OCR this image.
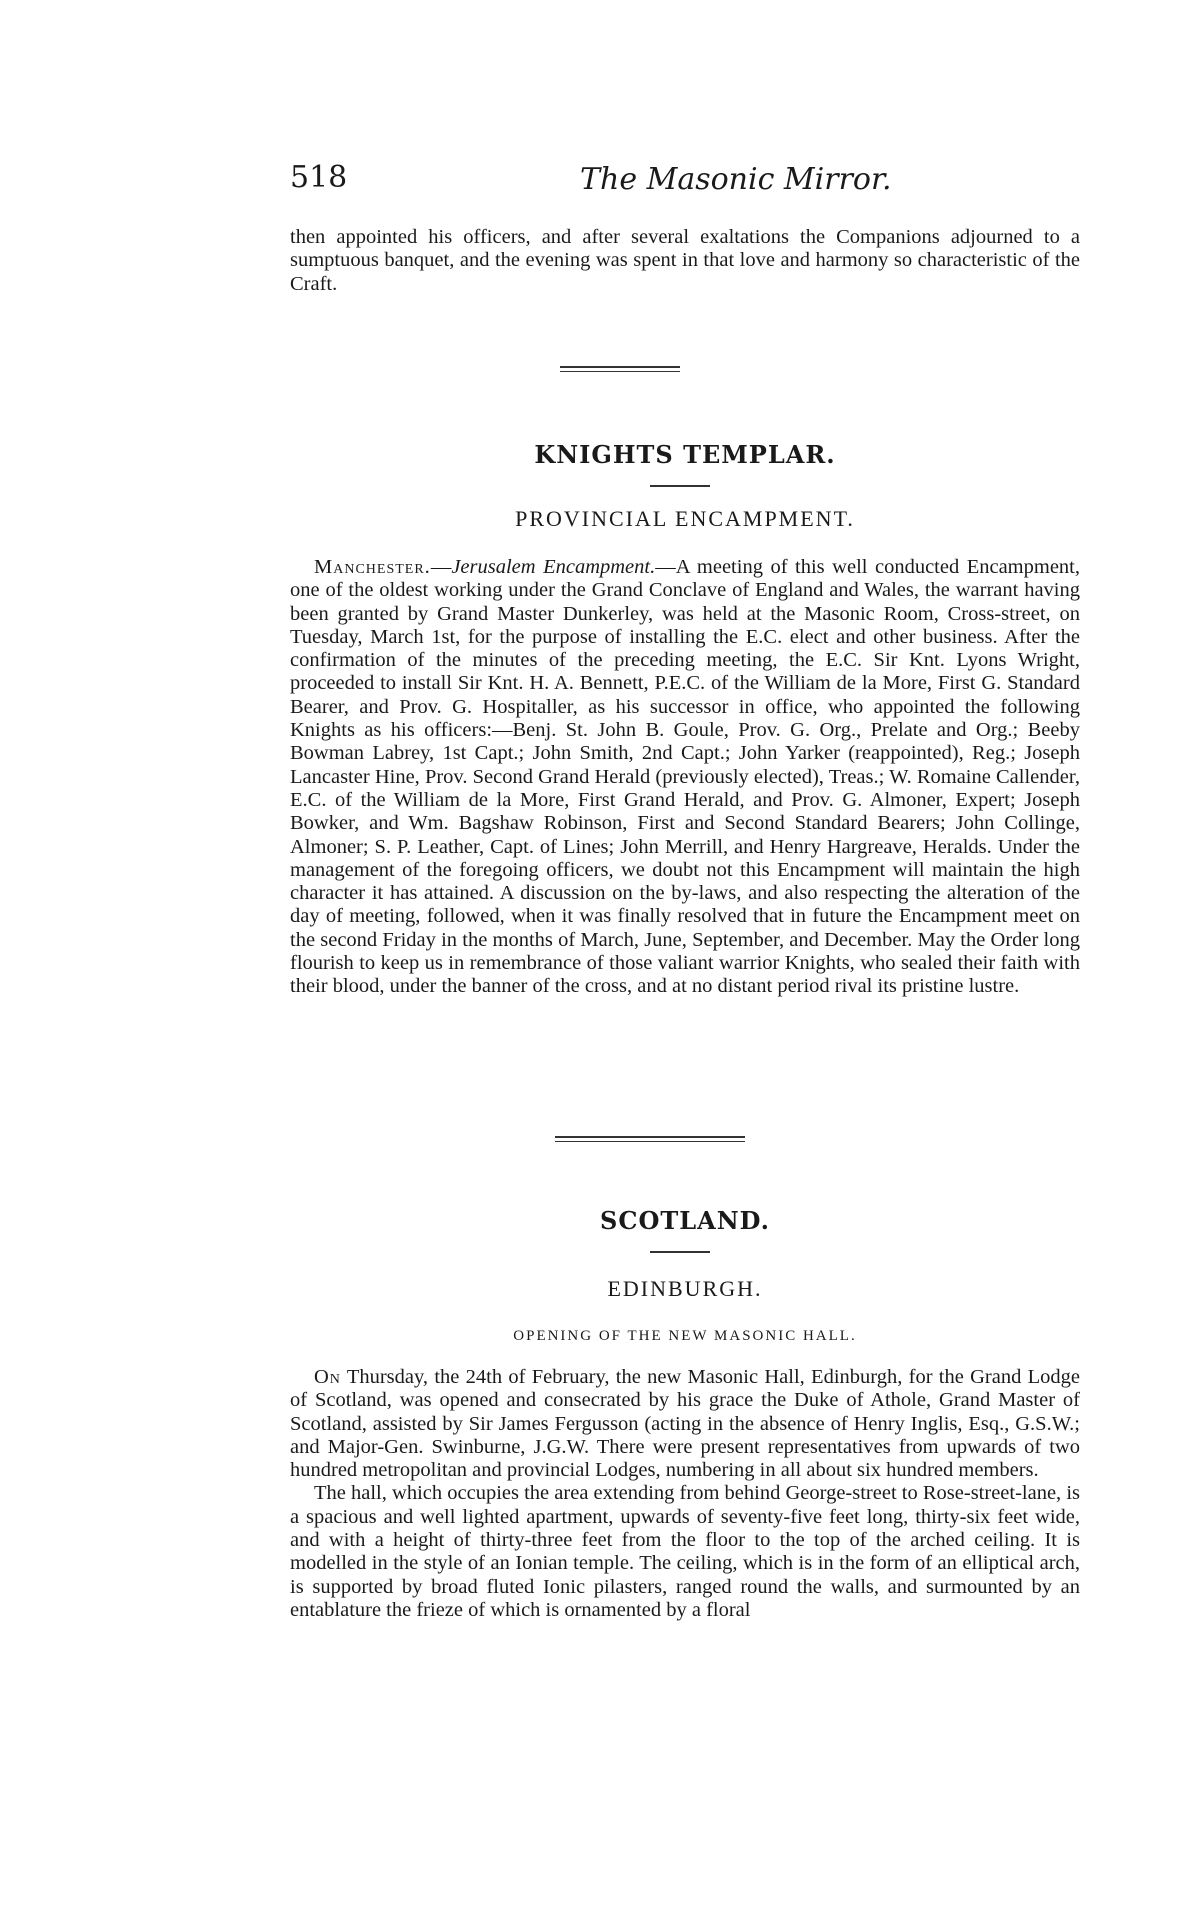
518	The Masonic Mirror.

then appointed his officers, and after several exaltations the Companions adjourned to a sumptuous banquet, and the evening was spent in that love and harmony so characteristic of the Craft.

KNIGHTS TEMPLAR.
PROVINCIAL ENCAMPMENT.

Manchester.—Jerusalem Encampment.—A meeting of this well conducted Encampment, one of the oldest working under the Grand Conclave of England and Wales, the warrant having been granted by Grand Master Dunkerley, was held at the Masonic Room, Cross-street, on Tuesday, March 1st, for the purpose of installing the E.C. elect and other business. After the confirmation of the minutes of the preceding meeting, the E.C. Sir Knt. Lyons Wright, proceeded to install Sir Knt. H. A. Bennett, P.E.C. of the William de la More, First G. Standard Bearer, and Prov. G. Hospitaller, as his successor in office, who appointed the following Knights as his officers:—Benj. St. John B. Goule, Prov. G. Org., Prelate and Org.; Beeby Bowman Labrey, 1st Capt.; John Smith, 2nd Capt.; John Yarker (reappointed), Reg.; Joseph Lancaster Hine, Prov. Second Grand Herald (previously elected), Treas.; W. Romaine Callender, E.C. of the William de la More, First Grand Herald, and Prov. G. Almoner, Expert; Joseph Bowker, and Wm. Bagshaw Robinson, First and Second Standard Bearers; John Collinge, Almoner; S. P. Leather, Capt. of Lines; John Merrill, and Henry Hargreave, Heralds. Under the management of the foregoing officers, we doubt not this Encampment will maintain the high character it has attained. A discussion on the by-laws, and also respecting the alteration of the day of meeting, followed, when it was finally resolved that in future the Encampment meet on the second Friday in the months of March, June, September, and December. May the Order long flourish to keep us in remembrance of those valiant warrior Knights, who sealed their faith with their blood, under the banner of the cross, and at no distant period rival its pristine lustre.

SCOTLAND.
EDINBURGH.
OPENING OF THE NEW MASONIC HALL.

On Thursday, the 24th of February, the new Masonic Hall, Edinburgh, for the Grand Lodge of Scotland, was opened and consecrated by his grace the Duke of Athole, Grand Master of Scotland, assisted by Sir James Fergusson (acting in the absence of Henry Inglis, Esq., G.S.W.; and Major-Gen. Swinburne, J.G.W. There were present representatives from upwards of two hundred metropolitan and provincial Lodges, numbering in all about six hundred members.

The hall, which occupies the area extending from behind George-street to Rose-street-lane, is a spacious and well lighted apartment, upwards of seventy-five feet long, thirty-six feet wide, and with a height of thirty-three feet from the floor to the top of the arched ceiling. It is modelled in the style of an Ionian temple. The ceiling, which is in the form of an elliptical arch, is supported by broad fluted Ionic pilasters, ranged round the walls, and surmounted by an entablature the frieze of which is ornamented by a floral
